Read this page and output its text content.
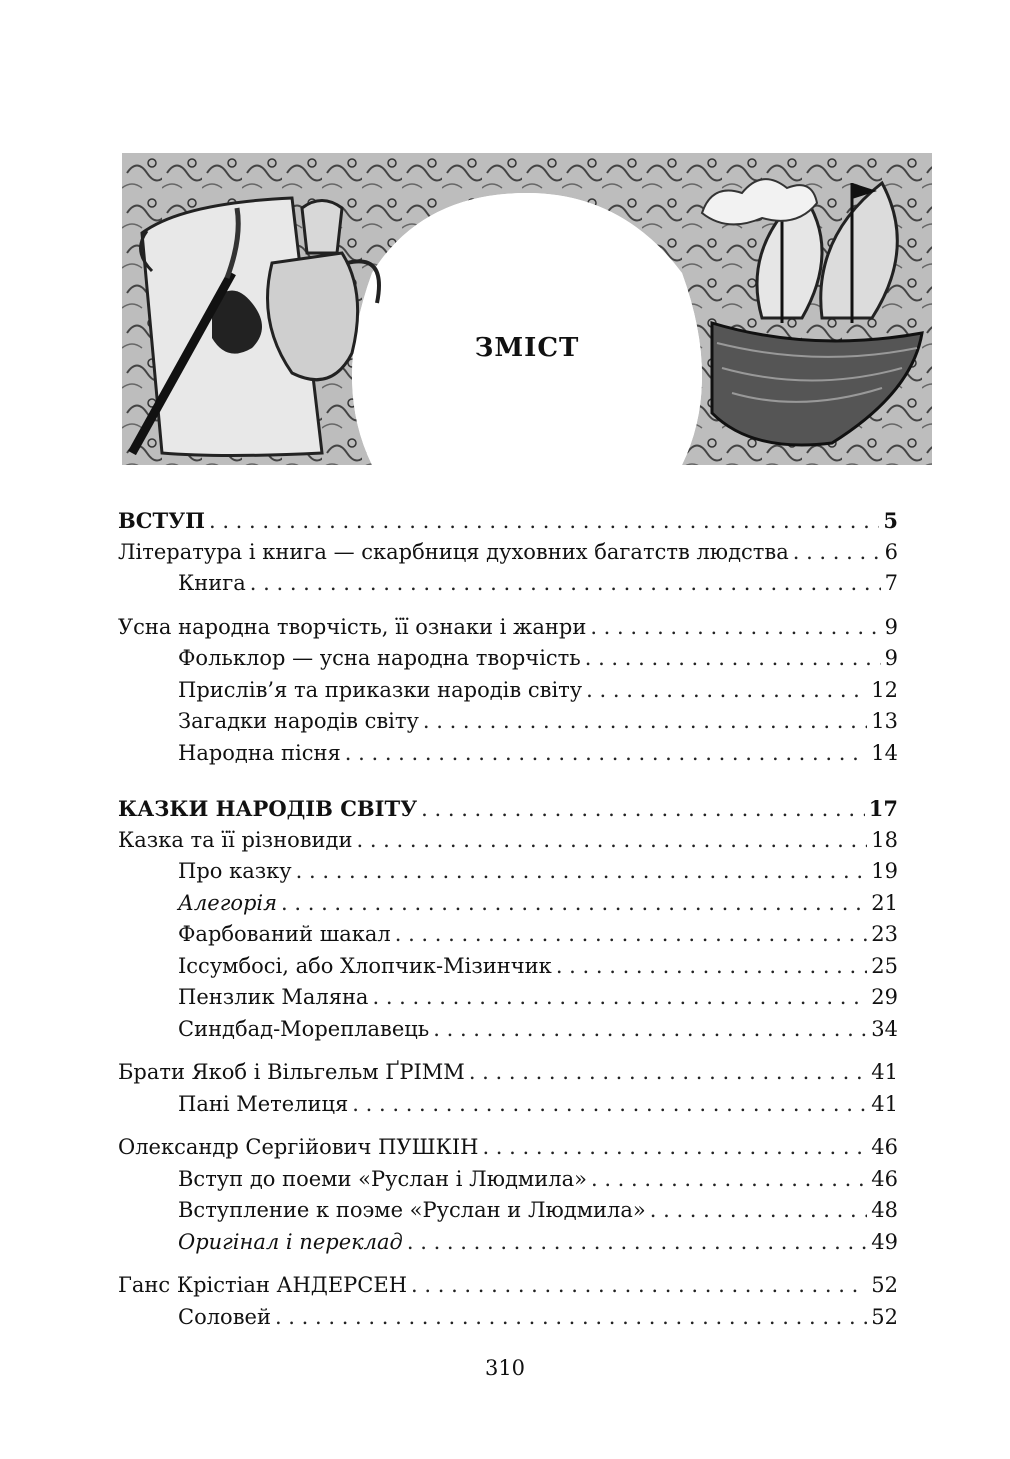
ЗМІСТ
ВСТУП . . .	5
Література і книга — скарбниця духовних багатств людства . . .	6
Книга . . .	7
Усна народна творчість, її ознаки і жанри . . .	9
Фольклор — усна народна творчість . . .	9
Прислів’я та приказки народів світу . . .	12
Загадки народів світу . . .	13
Народна пісня . . .	14
КАЗКИ НАРОДІВ СВІТУ . . .	17
Казка та її різновиди . . .	18
Про казку . . .	19
Алегорія . . .	21
Фарбований шакал . . .	23
Іссумбосі, або Хлопчик-Мізинчик . . .	25
Пензлик Маляна . . .	29
Синдбад-Мореплавець . . .	34
Брати Якоб і Вільгельм ҐРІММ . . .	41
Пані Метелиця . . .	41
Олександр Сергійович ПУШКІН . . .	46
Вступ до поеми «Руслан і Людмила» . . .	46
Вступление к поэме «Руслан и Людмила» . . .	48
Оригінал і переклад . . .	49
Ганс Крістіан АНДЕРСЕН . . .	52
Соловей . . .	52
310
